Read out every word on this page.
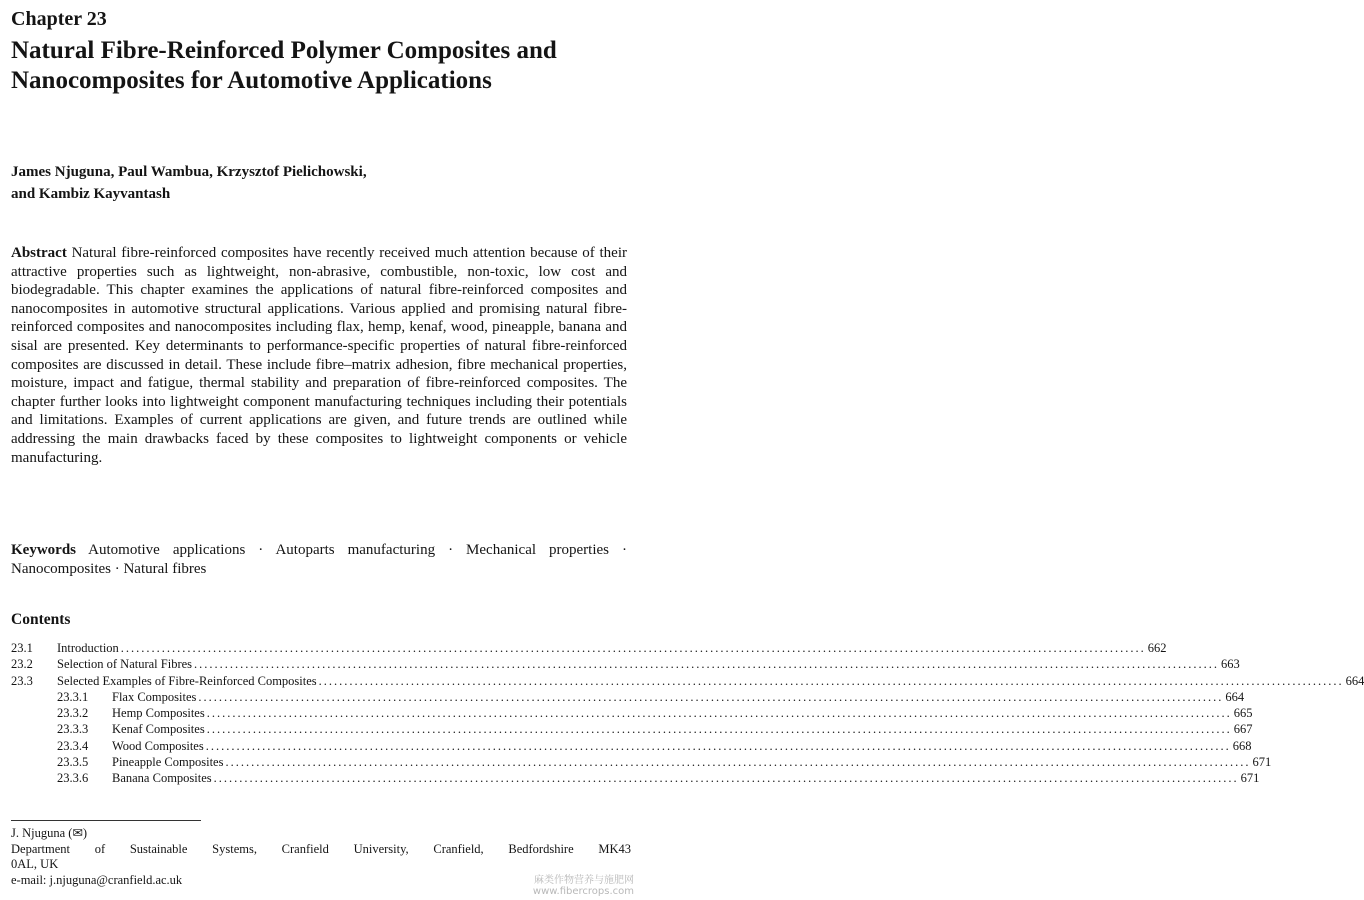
Chapter 23
Natural Fibre-Reinforced Polymer Composites and Nanocomposites for Automotive Applications
James Njuguna, Paul Wambua, Krzysztof Pielichowski,
and Kambiz Kayvantash
Abstract Natural fibre-reinforced composites have recently received much attention because of their attractive properties such as lightweight, non-abrasive, combustible, non-toxic, low cost and biodegradable. This chapter examines the applications of natural fibre-reinforced composites and nanocomposites in automotive structural applications. Various applied and promising natural fibre-reinforced composites and nanocomposites including flax, hemp, kenaf, wood, pineapple, banana and sisal are presented. Key determinants to performance-specific properties of natural fibre-reinforced composites are discussed in detail. These include fibre–matrix adhesion, fibre mechanical properties, moisture, impact and fatigue, thermal stability and preparation of fibre-reinforced composites. The chapter further looks into lightweight component manufacturing techniques including their potentials and limitations. Examples of current applications are given, and future trends are outlined while addressing the main drawbacks faced by these composites to lightweight components or vehicle manufacturing.
Keywords Automotive applications · Autoparts manufacturing · Mechanical properties · Nanocomposites · Natural fibres
Contents
23.1	Introduction ........................................................................................................................................................................................................ 662
23.2	Selection of Natural Fibres ........................................................................................................................................................................................................ 663
23.3	Selected Examples of Fibre-Reinforced Composites ........................................................................................................................................................................................................ 664
23.3.1	Flax Composites ........................................................................................................................................................................................................ 664
23.3.2	Hemp Composites ........................................................................................................................................................................................................ 665
23.3.3	Kenaf Composites ........................................................................................................................................................................................................ 667
23.3.4	Wood Composites ........................................................................................................................................................................................................ 668
23.3.5	Pineapple Composites ........................................................................................................................................................................................................ 671
23.3.6	Banana Composites ........................................................................................................................................................................................................ 671
J. Njuguna (✉)
Department of Sustainable Systems, Cranfield University, Cranfield, Bedfordshire MK43
0AL, UK
e-mail: j.njuguna@cranfield.ac.uk	麻类作物营养与施肥网
www.fibercrops.com
